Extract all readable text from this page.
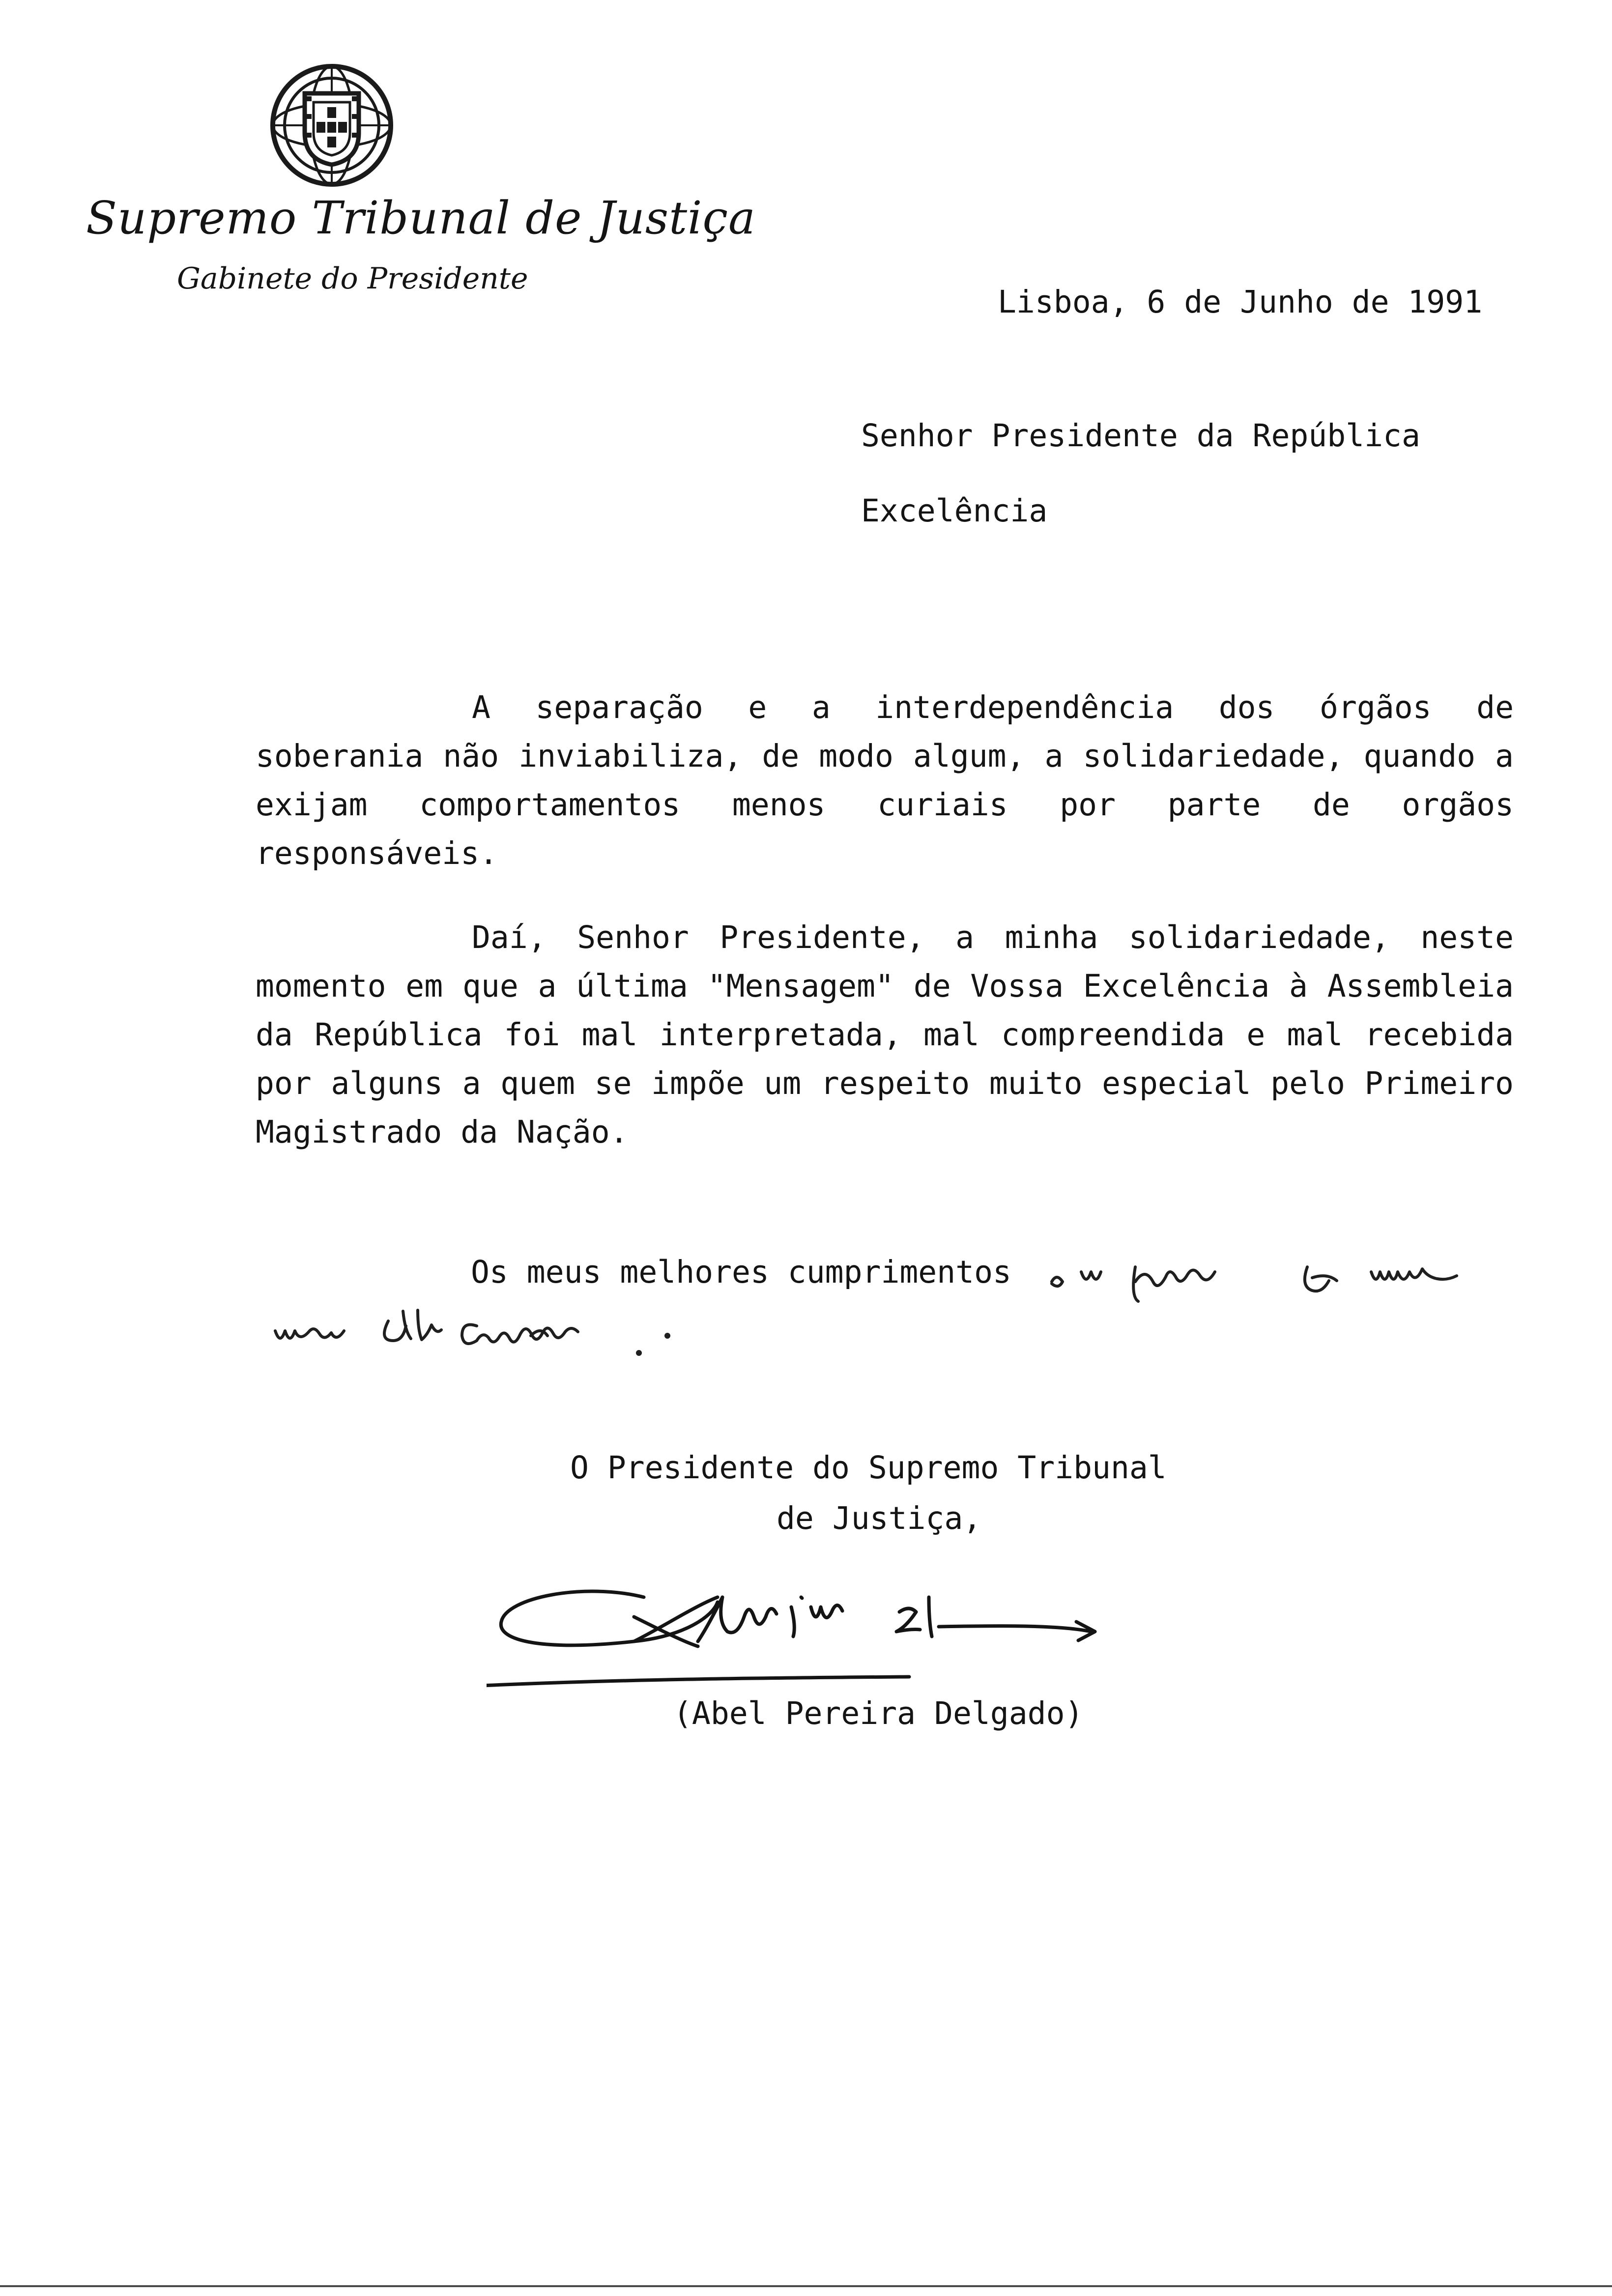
Supremo Tribunal de Justiça
Gabinete do Presidente
Lisboa, 6 de Junho de 1991
Senhor Presidente da República
Excelência

A separação e a interdependência dos órgãos de soberania não inviabiliza, de modo algum, a solidariedade, quando a exijam comportamentos menos curiais por parte de orgãos responsáveis.

Daí, Senhor Presidente, a minha solidariedade, neste momento em que a última "Mensagem" de Vossa Excelência à Assembleia da República foi mal interpretada, mal compreendida e mal recebida por alguns a quem se impõe um respeito muito especial pelo Primeiro Magistrado da Nação.

Os meus melhores cumprimentos
O Presidente do Supremo Tribunal
de Justiça,
(Abel Pereira Delgado)
